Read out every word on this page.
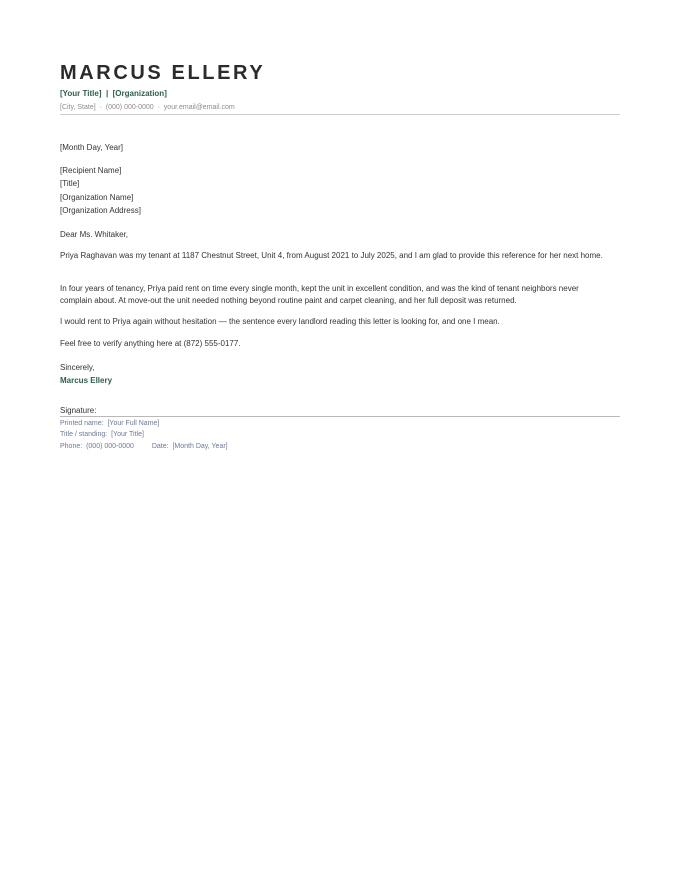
MARCUS ELLERY
[Your Title] | [Organization]
[City, State] · (000) 000-0000 · your.email@email.com
[Month Day, Year]
[Recipient Name]
[Title]
[Organization Name]
[Organization Address]
Dear Ms. Whitaker,
Priya Raghavan was my tenant at 1187 Chestnut Street, Unit 4, from August 2021 to July 2025, and I am glad to provide this reference for her next home.
In four years of tenancy, Priya paid rent on time every single month, kept the unit in excellent condition, and was the kind of tenant neighbors never complain about. At move-out the unit needed nothing beyond routine paint and carpet cleaning, and her full deposit was returned.
I would rent to Priya again without hesitation — the sentence every landlord reading this letter is looking for, and one I mean.
Feel free to verify anything here at (872) 555-0177.
Sincerely,
Marcus Ellery
Signature:
Printed name: [Your Full Name]
Title / standing: [Your Title]
Phone: (000) 000-0000	Date: [Month Day, Year]
